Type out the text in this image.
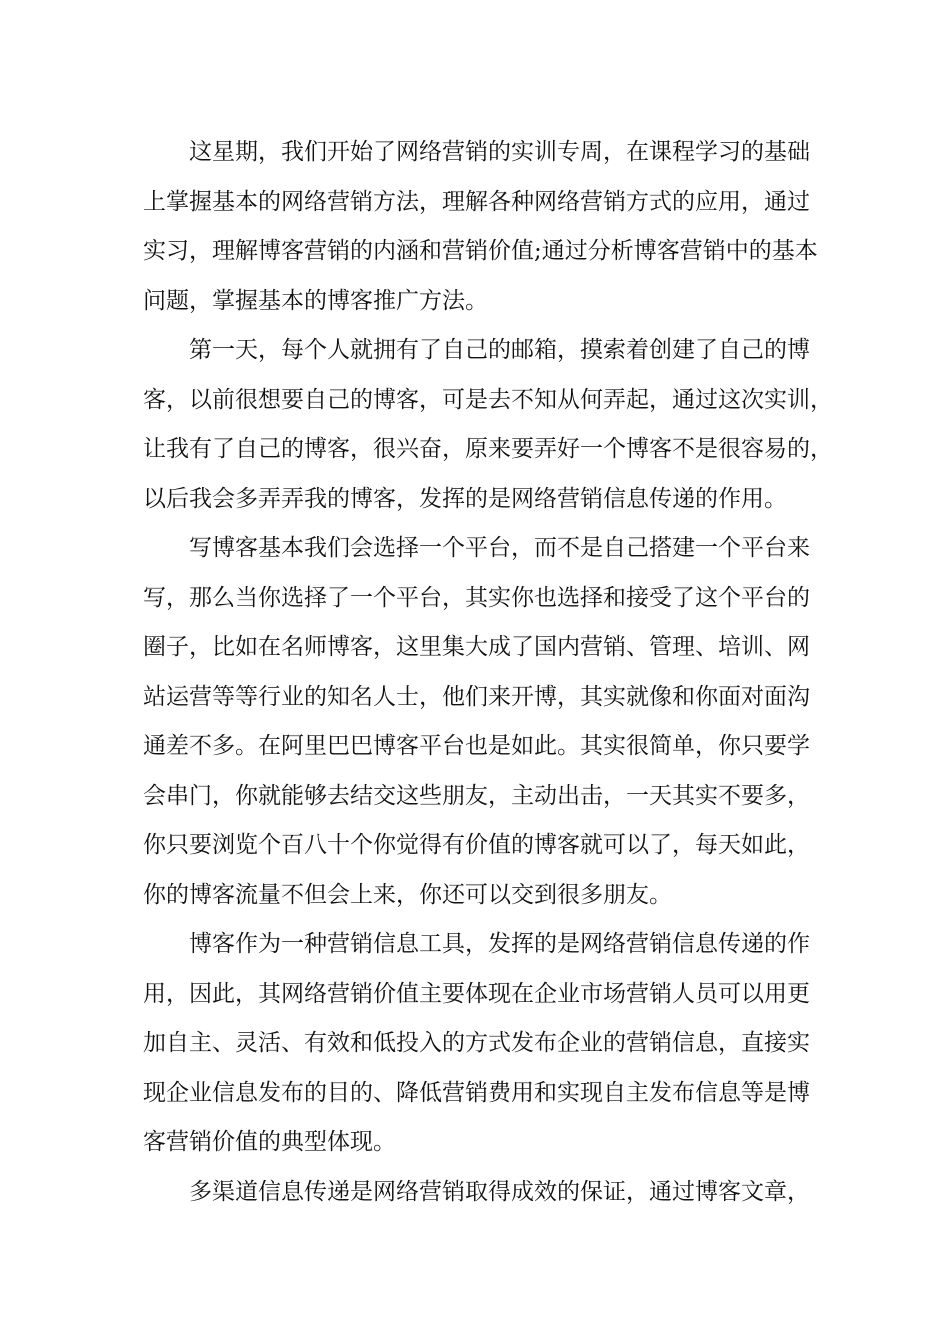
这星期，我们开始了网络营销的实训专周，在课程学习的基础
上掌握基本的网络营销方法，理解各种网络营销方式的应用，通过
实习，理解博客营销的内涵和营销价值;通过分析博客营销中的基本
问题，掌握基本的博客推广方法。
第一天，每个人就拥有了自己的邮箱，摸索着创建了自己的博
客，以前很想要自己的博客，可是去不知从何弄起，通过这次实训，
让我有了自己的博客，很兴奋，原来要弄好一个博客不是很容易的，
以后我会多弄弄我的博客，发挥的是网络营销信息传递的作用。
写博客基本我们会选择一个平台，而不是自己搭建一个平台来
写，那么当你选择了一个平台，其实你也选择和接受了这个平台的
圈子，比如在名师博客，这里集大成了国内营销、管理、培训、网
站运营等等行业的知名人士，他们来开博，其实就像和你面对面沟
通差不多。在阿里巴巴博客平台也是如此。其实很简单，你只要学
会串门，你就能够去结交这些朋友，主动出击，一天其实不要多，
你只要浏览个百八十个你觉得有价值的博客就可以了，每天如此，
你的博客流量不但会上来，你还可以交到很多朋友。
博客作为一种营销信息工具，发挥的是网络营销信息传递的作
用，因此，其网络营销价值主要体现在企业市场营销人员可以用更
加自主、灵活、有效和低投入的方式发布企业的营销信息，直接实
现企业信息发布的目的、降低营销费用和实现自主发布信息等是博
客营销价值的典型体现。
多渠道信息传递是网络营销取得成效的保证，通过博客文章，
